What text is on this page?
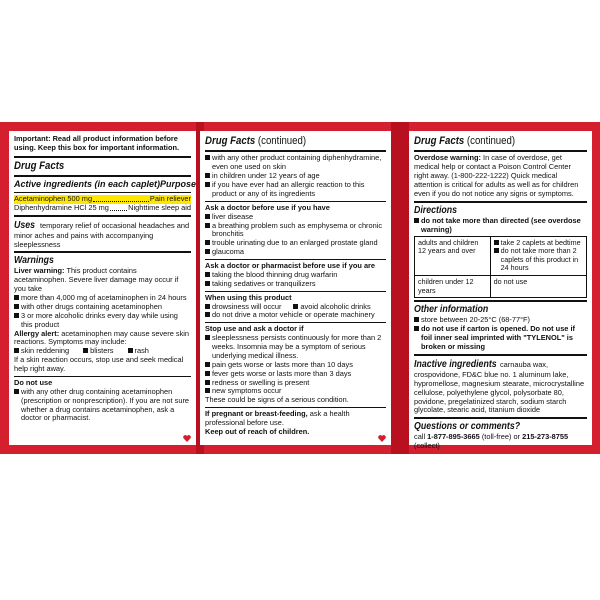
Important: Read all product information before using. Keep this box for important information.
Drug Facts
Active ingredients (in each caplet) Purpose
Acetaminophen 500 mg	Pain reliever
Diphenhydramine HCl 25 mg	Nighttime sleep aid
Uses temporary relief of occasional headaches and minor aches and pains with accompanying sleeplessness
Warnings
Liver warning: This product contains acetaminophen. Severe liver damage may occur if you take
more than 4,000 mg of acetaminophen in 24 hours
with other drugs containing acetaminophen
3 or more alcoholic drinks every day while using this product
Allergy alert: acetaminophen may cause severe skin reactions. Symptoms may include:
skin reddening	blisters	rash
If a skin reaction occurs, stop use and seek medical help right away.
Do not use
with any other drug containing acetaminophen (prescription or nonprescription). If you are not sure whether a drug contains acetaminophen, ask a doctor or pharmacist.
Drug Facts (continued)
with any other product containing diphenhydramine, even one used on skin
in children under 12 years of age
if you have ever had an allergic reaction to this product or any of its ingredients
Ask a doctor before use if you have
liver disease
a breathing problem such as emphysema or chronic bronchitis
trouble urinating due to an enlarged prostate gland
glaucoma
Ask a doctor or pharmacist before use if you are
taking the blood thinning drug warfarin
taking sedatives or tranquilizers
When using this product
drowsiness will occur	avoid alcoholic drinks
do not drive a motor vehicle or operate machinery
Stop use and ask a doctor if
sleeplessness persists continuously for more than 2 weeks. Insomnia may be a symptom of serious underlying medical illness.
pain gets worse or lasts more than 10 days
fever gets worse or lasts more than 3 days
redness or swelling is present
new symptoms occur
These could be signs of a serious condition.
If pregnant or breast-feeding, ask a health professional before use.
Keep out of reach of children.
Drug Facts (continued)
Overdose warning: In case of overdose, get medical help or contact a Poison Control Center right away. (1-800-222-1222) Quick medical attention is critical for adults as well as for children even if you do not notice any signs or symptoms.
Directions
do not take more than directed (see overdose warning)
adults and children 12 years and over	take 2 caplets at bedtime
do not take more than 2 caplets of this product in 24 hours

children under 12 years	do not use
Other information
store between 20-25°C (68-77°F)
do not use if carton is opened. Do not use if foil inner seal imprinted with "TYLENOL" is broken or missing
Inactive ingredients carnauba wax, crospovidone, FD&C blue no. 1 aluminum lake, hypromellose, magnesium stearate, microcrystalline cellulose, polyethylene glycol, polysorbate 80, povidone, pregelatinized starch, sodium starch glycolate, stearic acid, titanium dioxide
Questions or comments?
call 1-877-895-3665 (toll-free) or 215-273-8755 (collect)
